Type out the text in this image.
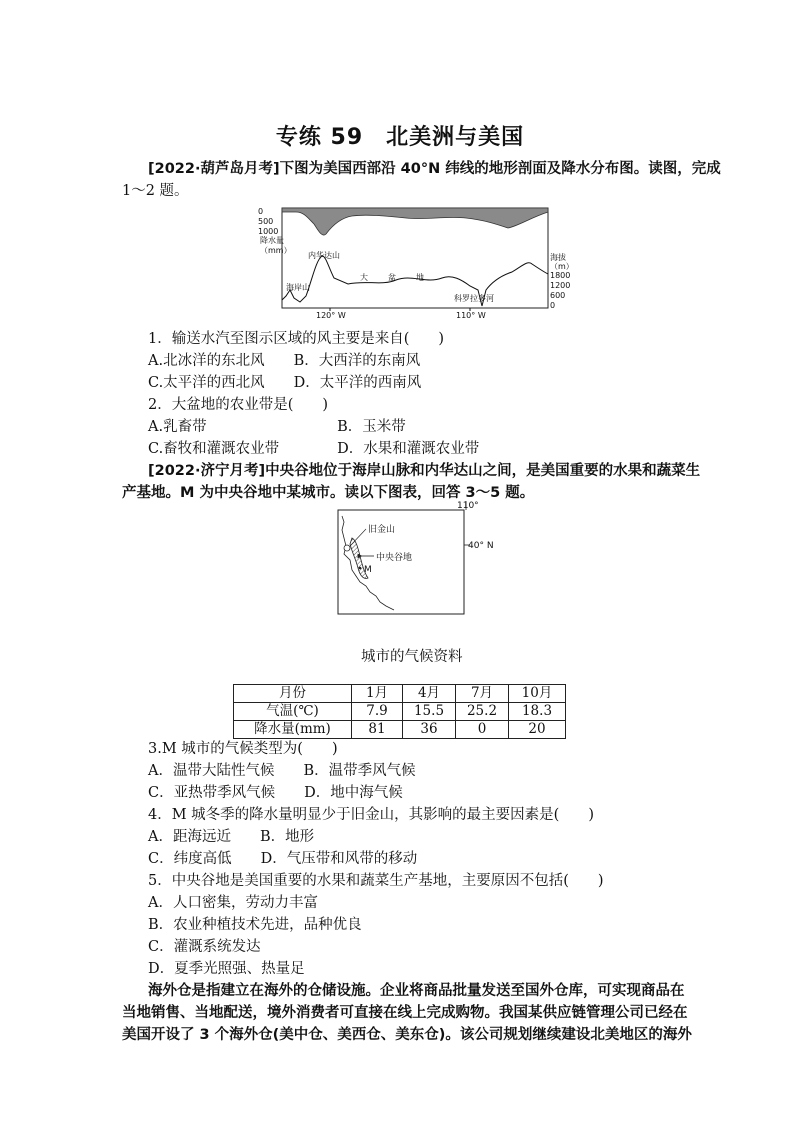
专练 59　北美洲与美国
[2022·葫芦岛月考]下图为美国西部沿 40°N 纬线的地形剖面及降水分布图。读图，完成
1～2 题。
0
500
1000
降水量
（mm）
海拔
（m）
1800
1200
600
0
海岸山
内华达山
大	盆	地
科罗拉多河
120° W	110° W
1．输送水汽至图示区域的风主要是来自(　　)
A.北冰洋的东北风　　B．大西洋的东南风
C.太平洋的西北风　　D．太平洋的西南风
2．大盆地的农业带是(　　)
A.乳畜带　　　　　　　　　B．玉米带
C.畜牧和灌溉农业带　　　　D．水果和灌溉农业带
[2022·济宁月考]中央谷地位于海岸山脉和内华达山之间，是美国重要的水果和蔬菜生
产基地。M 为中央谷地中某城市。读以下图表，回答 3～5 题。
110°
40° N
旧金山
中央谷地
M
城市的气候资料
月份	1月	4月	7月	10月
气温(℃)	7.9	15.5	25.2	18.3
降水量(mm)	81	36	0	20
3.M 城市的气候类型为(　　)
A．温带大陆性气候　　B．温带季风气候
C．亚热带季风气候　　D．地中海气候
4．M 城冬季的降水量明显少于旧金山，其影响的最主要因素是(　　)
A．距海远近　　B．地形
C．纬度高低　　D．气压带和风带的移动
5．中央谷地是美国重要的水果和蔬菜生产基地，主要原因不包括(　　)
A．人口密集，劳动力丰富
B．农业种植技术先进，品种优良
C．灌溉系统发达
D．夏季光照强、热量足
海外仓是指建立在海外的仓储设施。企业将商品批量发送至国外仓库，可实现商品在
当地销售、当地配送，境外消费者可直接在线上完成购物。我国某供应链管理公司已经在
美国开设了 3 个海外仓(美中仓、美西仓、美东仓)。该公司规划继续建设北美地区的海外
